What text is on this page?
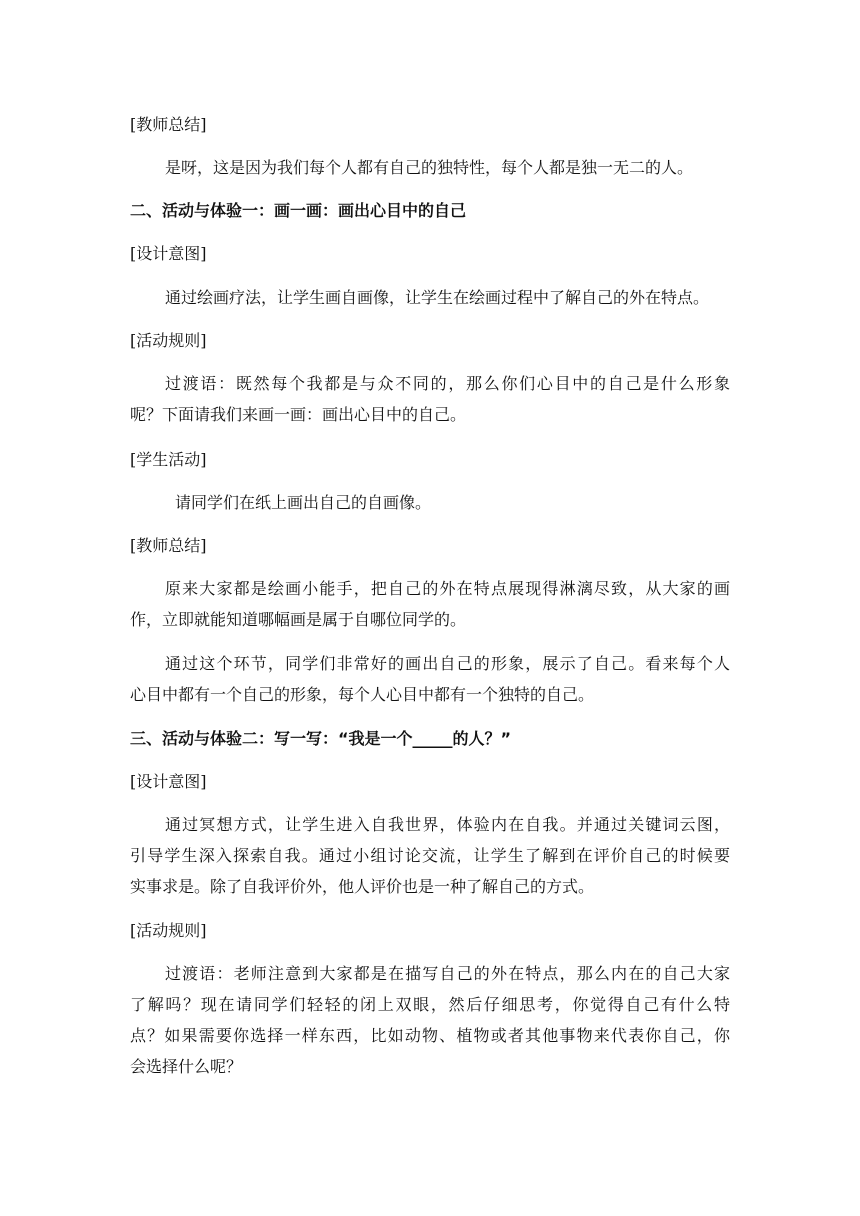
[教师总结]
是呀，这是因为我们每个人都有自己的独特性，每个人都是独一无二的人。
二、活动与体验一：画一画：画出心目中的自己
[设计意图]
通过绘画疗法，让学生画自画像，让学生在绘画过程中了解自己的外在特点。
[活动规则]
过渡语：既然每个我都是与众不同的，那么你们心目中的自己是什么形象
呢？下面请我们来画一画：画出心目中的自己。
[学生活动]
请同学们在纸上画出自己的自画像。
[教师总结]
原来大家都是绘画小能手，把自己的外在特点展现得淋漓尽致，从大家的画
作，立即就能知道哪幅画是属于自哪位同学的。
通过这个环节，同学们非常好的画出自己的形象，展示了自己。看来每个人
心目中都有一个自己的形象，每个人心目中都有一个独特的自己。
三、活动与体验二：写一写：“我是一个_____的人？”
[设计意图]
通过冥想方式，让学生进入自我世界，体验内在自我。并通过关键词云图，
引导学生深入探索自我。通过小组讨论交流，让学生了解到在评价自己的时候要
实事求是。除了自我评价外，他人评价也是一种了解自己的方式。
[活动规则]
过渡语：老师注意到大家都是在描写自己的外在特点，那么内在的自己大家
了解吗？现在请同学们轻轻的闭上双眼，然后仔细思考，你觉得自己有什么特
点？如果需要你选择一样东西，比如动物、植物或者其他事物来代表你自己，你
会选择什么呢？
